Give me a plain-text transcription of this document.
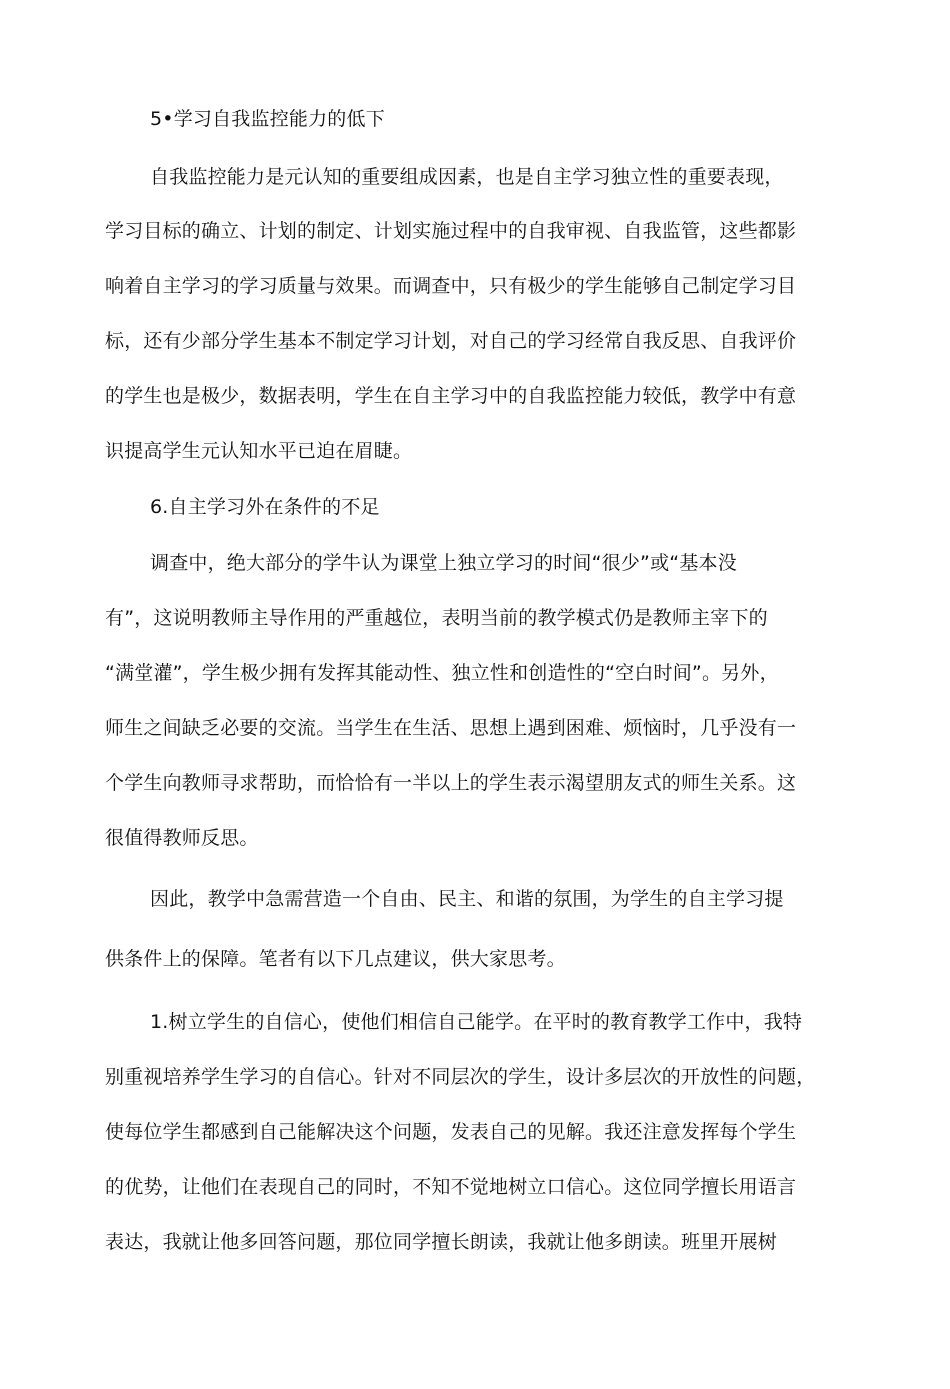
5•学习自我监控能力的低下
自我监控能力是元认知的重要组成因素，也是自主学习独立性的重要表现，
学习目标的确立、计划的制定、计划实施过程中的自我审视、自我监管，这些都影
响着自主学习的学习质量与效果。而调查中，只有极少的学生能够自己制定学习目
标，还有少部分学生基本不制定学习计划，对自己的学习经常自我反思、自我评价
的学生也是极少，数据表明，学生在自主学习中的自我监控能力较低，教学中有意
识提高学生元认知水平已迫在眉睫。
6.自主学习外在条件的不足
调查中，绝大部分的学牛认为课堂上独立学习的时间“很少”或“基本没
有”，这说明教师主导作用的严重越位，表明当前的教学模式仍是教师主宰下的
“满堂灌”，学生极少拥有发挥其能动性、独立性和创造性的“空白时间”。另外，
师生之间缺乏必要的交流。当学生在生活、思想上遇到困难、烦恼时，几乎没有一
个学生向教师寻求帮助，而恰恰有一半以上的学生表示渴望朋友式的师生关系。这
很值得教师反思。
因此，教学中急需营造一个自由、民主、和谐的氛围，为学生的自主学习提
供条件上的保障。笔者有以下几点建议，供大家思考。
1.树立学生的自信心，使他们相信自己能学。在平时的教育教学工作中，我特
别重视培养学生学习的自信心。针对不同层次的学生，设计多层次的开放性的问题，
使每位学生都感到自己能解决这个问题，发表自己的见解。我还注意发挥每个学生
的优势，让他们在表现自己的同时，不知不觉地树立口信心。这位同学擅长用语言
表达，我就让他多回答问题，那位同学擅长朗读，我就让他多朗读。班里开展树
